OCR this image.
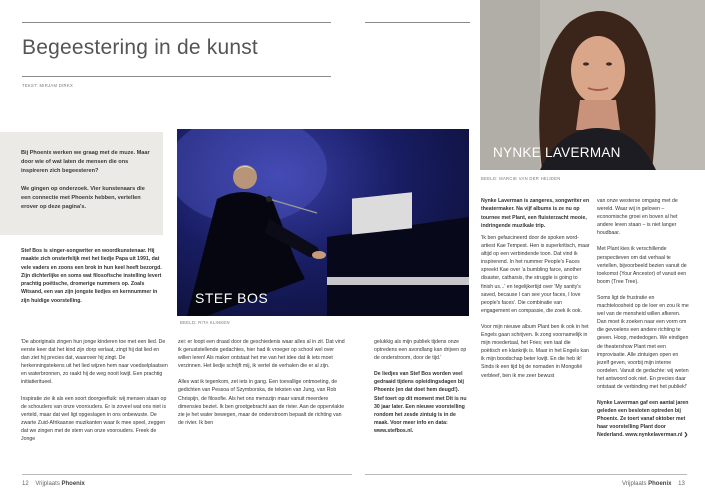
Begeestering in de kunst
TEKST: MIRJAM DIRKX

Bij Phoenix werken we graag met de muze. Maar door wie of wat laten de mensen die ons inspireren zich begeesteren?

We gingen op onderzoek. Vier kunstenaars die een connectie met Phoenix hebben, vertellen erover op deze pagina's.

STEF BOS
BEELD: RITA KLINKEN
Stef Bos is singer-songwriter en woordkunstenaar. Hij maakte zich onsterfelijk met het liedje Papa uit 1991, dat vele vaders en zoons een brok in hun keel heeft bezorgd. Zijn dichterlijke en soms wat filosofische instelling levert prachtig poëtische, dromerige nummers op. Zoals Witsand, een van zijn jongste liedjes en kernnummer in zijn huidige voorstelling.

'De aboriginals zingen hun jonge kinderen toe met een lied. De eerste keer dat het kind zijn dorp verlaat, zingt hij dat lied en dan ziet hij precies dat, waarover hij zingt. De herkenningstekens uit het lied wijzen hem naar voedselplaatsen en waterbronnen, zo raakt hij de weg nooit kwijt. Een prachtig initiatieritueel.

Inspiratie zie ik als een soort doorgeefluik: wij mensen staan op de schouders van onze voorouders. Er is zoveel wat ons niet is verteld, maar dat wel ligt opgeslagen in ons onbewuste. De zwarte Zuid-Afrikaanse muzikanten waar ik mee speel, zeggen dat we zingen met de stem van onze voorouders. Freek de Jonge

zei: er loopt een draad door de geschiedenis waar alles al in zit. Dat vind ik geruststellende gedachtes, hier had ik vroeger op school wel over willen leren! Als maker ontstaat het me van het idee dat ik iets moet verzinnen. Het liedje schrijft mij, ik vertel de verhalen die er al zijn.

Alles wat ik tegenkom, zet iets in gang. Een toevallige ontmoeting, de gedichten van Pessoa of Szymborska, de teksten van Jung, van Rob Chrispijn, de filosofie. Als het ons menszijn maar vanuit meerdere dimensies beziet. Ik ben grootgebracht aan de rivier. Aan de oppervlakte zie je het water bewegen, maar de onderstroom bepaalt de richting van de rivier. Ik ben

gelukkig als mijn publiek tijdens onze optredens een avondlang kan drijven op de onderstroom, door de tijd.'

De liedjes van Stef Bos worden veel gedraaid tijdens opleidingsdagen bij Phoenix (en dat doet hem deugd!). Stef toert op dit moment met Dit is nu 30 jaar later. Een nieuwe voorstelling rondom het zesde zintuig is in de maak. Voor meer info en data: www.stefbos.nl.

NYNKE LAVERMAN
BEELD: MARCIE VAN DER HEIJDEN
Nynke Laverman is zangeres, songwriter en theatermaker. Na vijf albums is ze nu op tournee met Plant, een fluisterzacht mooie, indringende muzikale trip.

'Ik ben gefascineerd door de spoken word-artiest Kae Tempest. Hen is superkritisch, maar altijd op een verbindende toon. Dat vind ik inspirerend. In het nummer People's Faces spreekt Kae over 'a bumbling farce, another disaster, catharsis, the struggle is going to finish us...' en tegelijkertijd over 'My sanity's saved, because I can see your faces, I love people's faces'. Die combinatie van engagement en compassie, die zoek ik ook.

Voor mijn nieuwe album Plant ben ik ook in het Engels gaan schrijven. Ik zong voornamelijk in mijn moedertaal, het Fries; een taal die poëtisch en klankrijk is. Maar in het Engels kan ik mijn boodschap beter kwijt. En die heb ik! Sinds ik een tijd bij de nomaden in Mongolië verbleef, ben ik me zeer bewust

van onze westerse omgang met de wereld. Waar wij in geloven – economische groei en boven al het andere leven staan – is niet langer houdbaar.

Met Plant kies ik verschillende perspectieven om dat verhaal te vertellen, bijvoorbeeld bezien vanuit de toekomst (Your Ancestor) of vanuit een boom (Tree Tree).

Soms ligt de frustratie en machteloosheid op de loer en zou ik me wel van de mensheid willen afkeren. Dan moet ik zoeken naar een vorm om die gevoelens een andere richting te geven. Hoop, mededogen. We eindigen de theatershow Plant met een improvisatie. Alle zintuigen open en jezelf geven, voorbij mijn interne oordelen. Vanuit de gedachte: wij weten het antwoord ook niet. En precies daar ontstaat de verbinding met het publiek!'

Nynke Laverman gaf een aantal jaren geleden een besloten optreden bij Phoenix. Ze toert vanaf oktober met haar voorstelling Plant door Nederland. www.nynkelaverman.nl ❯

12 Vrijplaats Phoenix	Vrijplaats Phoenix 13
